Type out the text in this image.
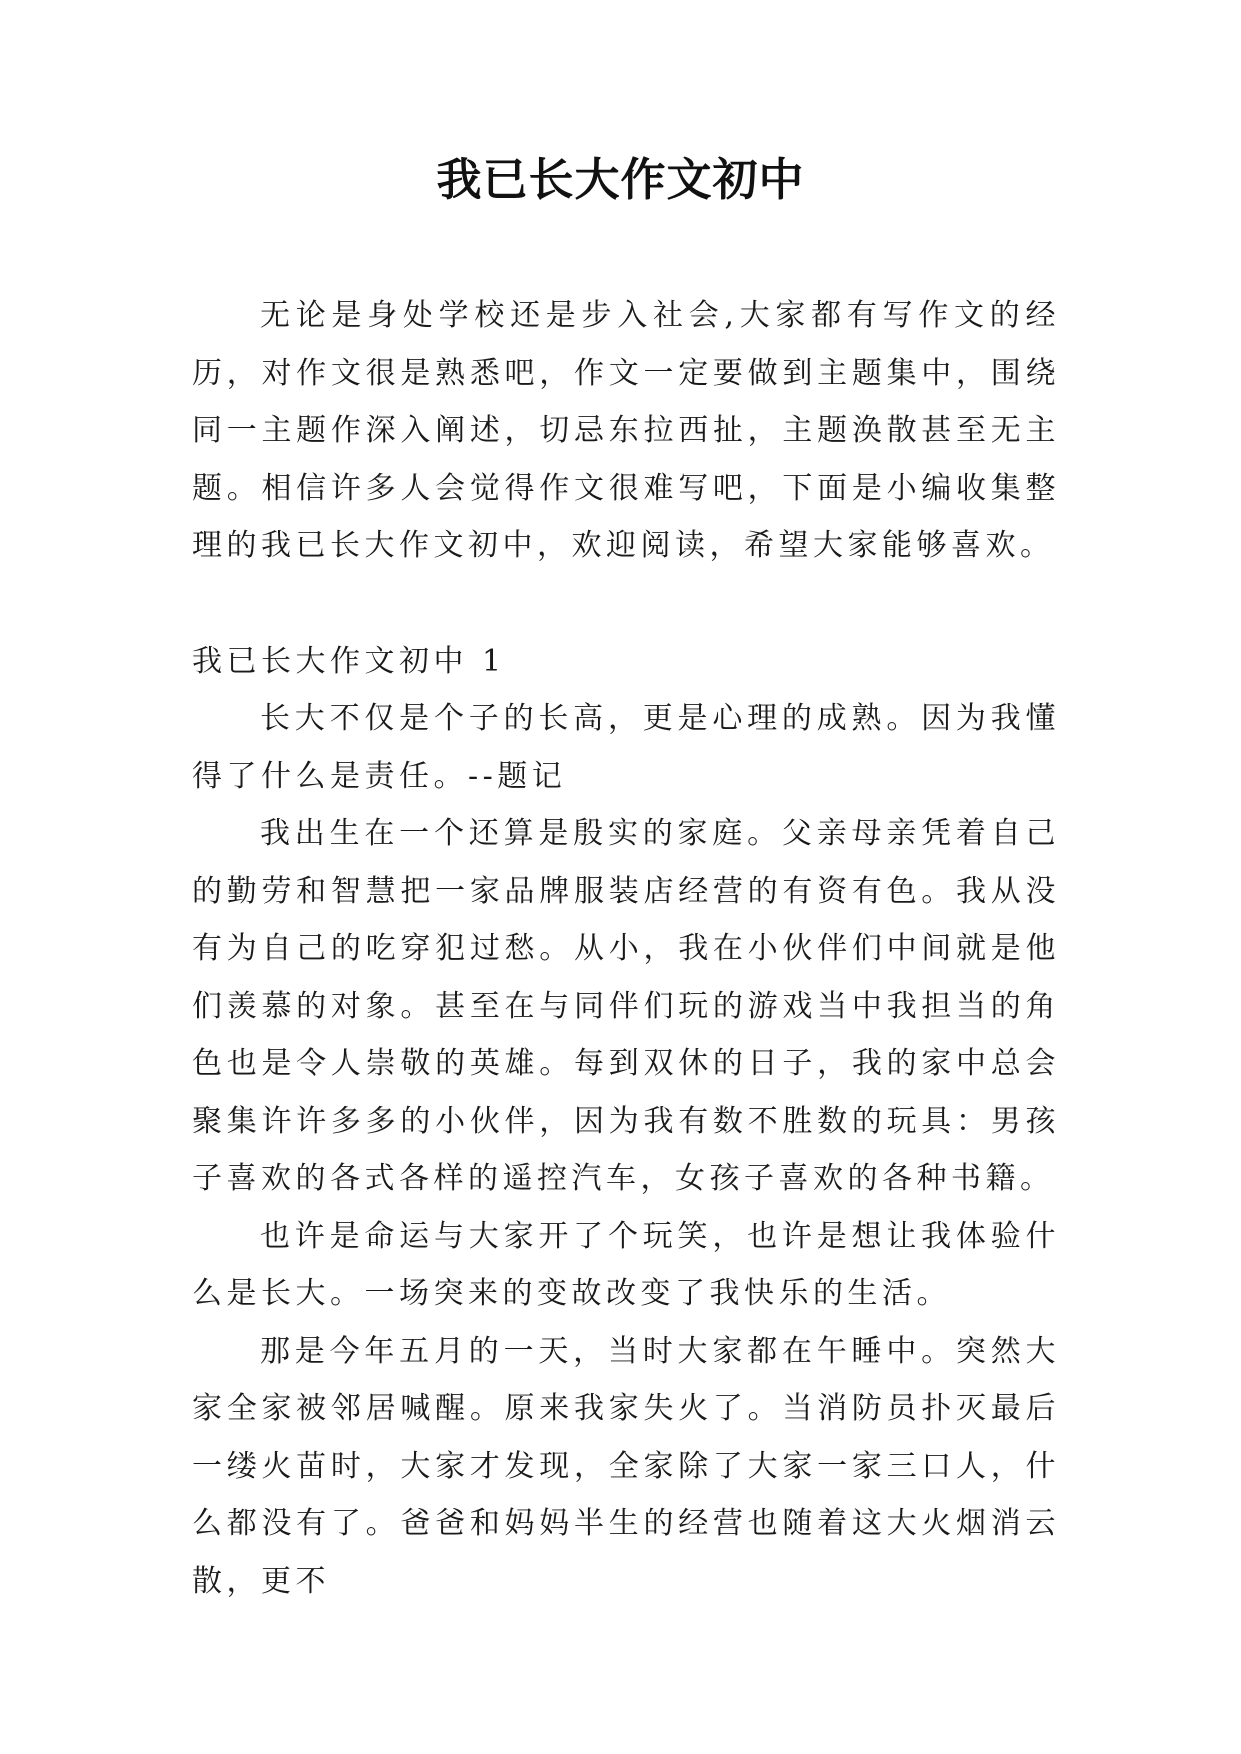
我已长大作文初中

无论是身处学校还是步入社会,大家都有写作文的经历，对作文很是熟悉吧，作文一定要做到主题集中，围绕同一主题作深入阐述，切忌东拉西扯，主题涣散甚至无主题。相信许多人会觉得作文很难写吧，下面是小编收集整理的我已长大作文初中，欢迎阅读，希望大家能够喜欢。

我已长大作文初中 1

长大不仅是个子的长高，更是心理的成熟。因为我懂得了什么是责任。--题记

我出生在一个还算是殷实的家庭。父亲母亲凭着自己的勤劳和智慧把一家品牌服装店经营的有资有色。我从没有为自己的吃穿犯过愁。从小，我在小伙伴们中间就是他们羡慕的对象。甚至在与同伴们玩的游戏当中我担当的角色也是令人崇敬的英雄。每到双休的日子，我的家中总会聚集许许多多的小伙伴，因为我有数不胜数的玩具：男孩子喜欢的各式各样的遥控汽车，女孩子喜欢的各种书籍。

也许是命运与大家开了个玩笑，也许是想让我体验什么是长大。一场突来的变故改变了我快乐的生活。

那是今年五月的一天，当时大家都在午睡中。突然大家全家被邻居喊醒。原来我家失火了。当消防员扑灭最后一缕火苗时，大家才发现，全家除了大家一家三口人，什么都没有了。爸爸和妈妈半生的经营也随着这大火烟消云散，更不
